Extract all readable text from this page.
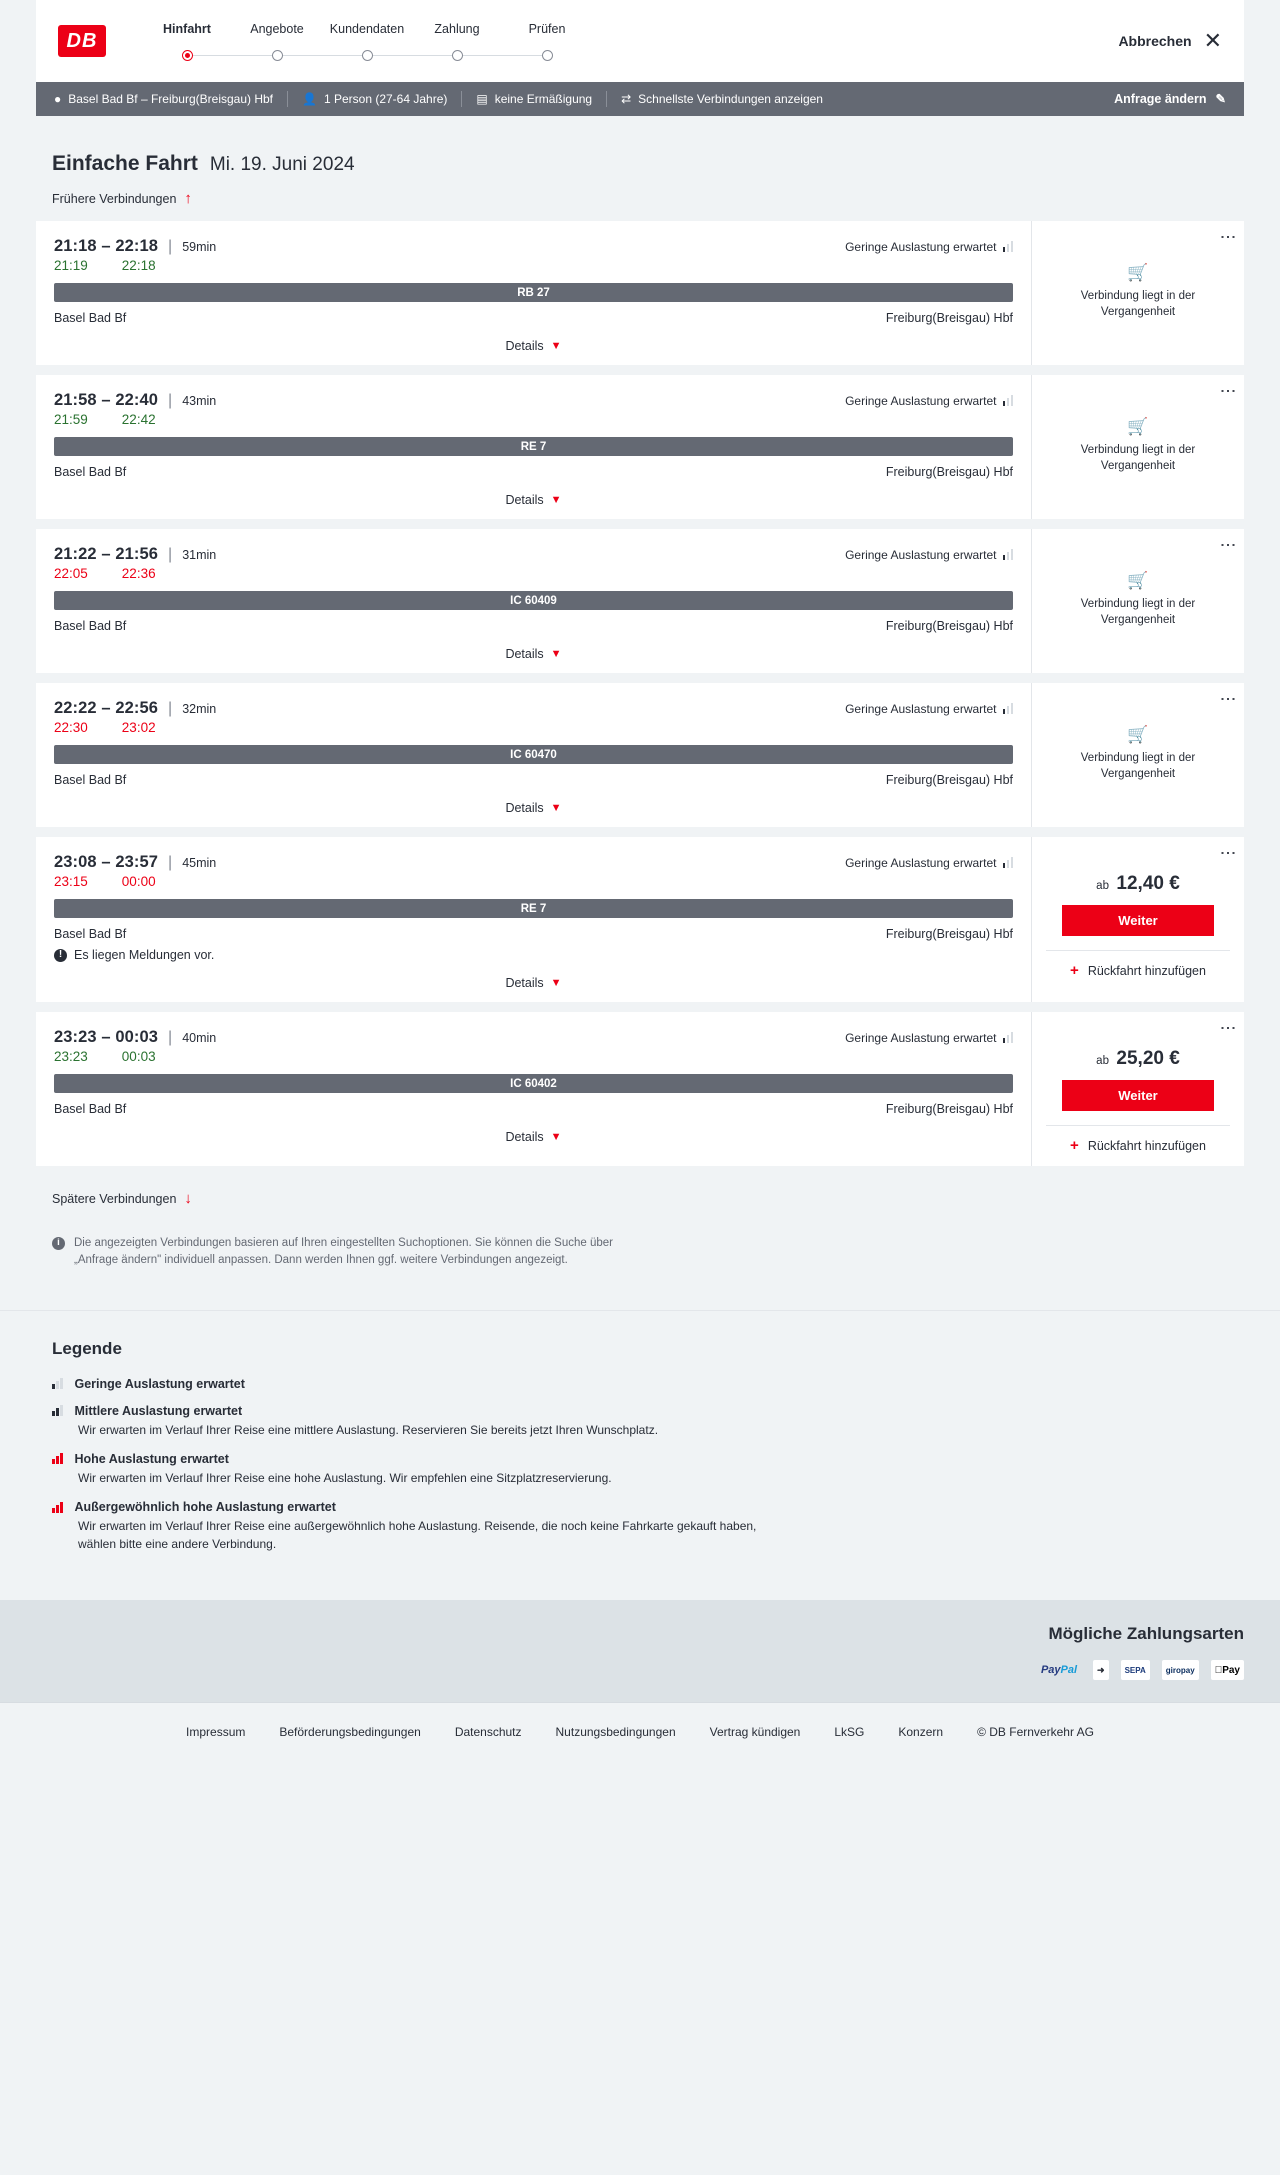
DB
Hinfahrt	Angebote	Kundendaten	Zahlung	Prüfen
Abbrechen ✕
● Basel Bad Bf – Freiburg(Breisgau) Hbf 👤 1 Person (27-64 Jahre) ▤ keine Ermäßigung ⇄ Schnellste Verbindungen anzeigen	Anfrage ändern ✎
Einfache Fahrt Mi. 19. Juni 2024
Frühere Verbindungen ↑
21:18 – 22:18 | 59min	Geringe Auslastung erwartet
21:19	22:18
RB 27
Basel Bad Bf	Freiburg(Breisgau) Hbf
Details ▼
⋮
🛒
Verbindung liegt in der Vergangenheit
21:58 – 22:40 | 43min	Geringe Auslastung erwartet
21:59	22:42
RE 7
Basel Bad Bf	Freiburg(Breisgau) Hbf
Details ▼
⋮
🛒
Verbindung liegt in der Vergangenheit
21:22 – 21:56 | 31min	Geringe Auslastung erwartet
22:05	22:36
IC 60409
Basel Bad Bf	Freiburg(Breisgau) Hbf
Details ▼
⋮
🛒
Verbindung liegt in der Vergangenheit
22:22 – 22:56 | 32min	Geringe Auslastung erwartet
22:30	23:02
IC 60470
Basel Bad Bf	Freiburg(Breisgau) Hbf
Details ▼
⋮
🛒
Verbindung liegt in der Vergangenheit
23:08 – 23:57 | 45min	Geringe Auslastung erwartet
23:15	00:00
RE 7
Basel Bad Bf	Freiburg(Breisgau) Hbf
! Es liegen Meldungen vor.
Details ▼
⋮
ab 12,40 €
Weiter
+ Rückfahrt hinzufügen
23:23 – 00:03 | 40min	Geringe Auslastung erwartet
23:23	00:03
IC 60402
Basel Bad Bf	Freiburg(Breisgau) Hbf
Details ▼
⋮
ab 25,20 €
Weiter
+ Rückfahrt hinzufügen
Spätere Verbindungen ↓
i	Die angezeigten Verbindungen basieren auf Ihren eingestellten Suchoptionen. Sie können die Suche über „Anfrage ändern" individuell anpassen. Dann werden Ihnen ggf. weitere Verbindungen angezeigt.
Legende
Geringe Auslastung erwartet
Mittlere Auslastung erwartet
Wir erwarten im Verlauf Ihrer Reise eine mittlere Auslastung. Reservieren Sie bereits jetzt Ihren Wunschplatz.
Hohe Auslastung erwartet
Wir erwarten im Verlauf Ihrer Reise eine hohe Auslastung. Wir empfehlen eine Sitzplatzreservierung.
Außergewöhnlich hohe Auslastung erwartet
Wir erwarten im Verlauf Ihrer Reise eine außergewöhnlich hohe Auslastung. Reisende, die noch keine Fahrkarte gekauft haben, wählen bitte eine andere Verbindung.
Mögliche Zahlungsarten
Pay Pal	➜	SEPA	giropay	Pay
Impressum	Beförderungsbedingungen	Datenschutz	Nutzungsbedingungen	Vertrag kündigen	LkSG	Konzern	© DB Fernverkehr AG
